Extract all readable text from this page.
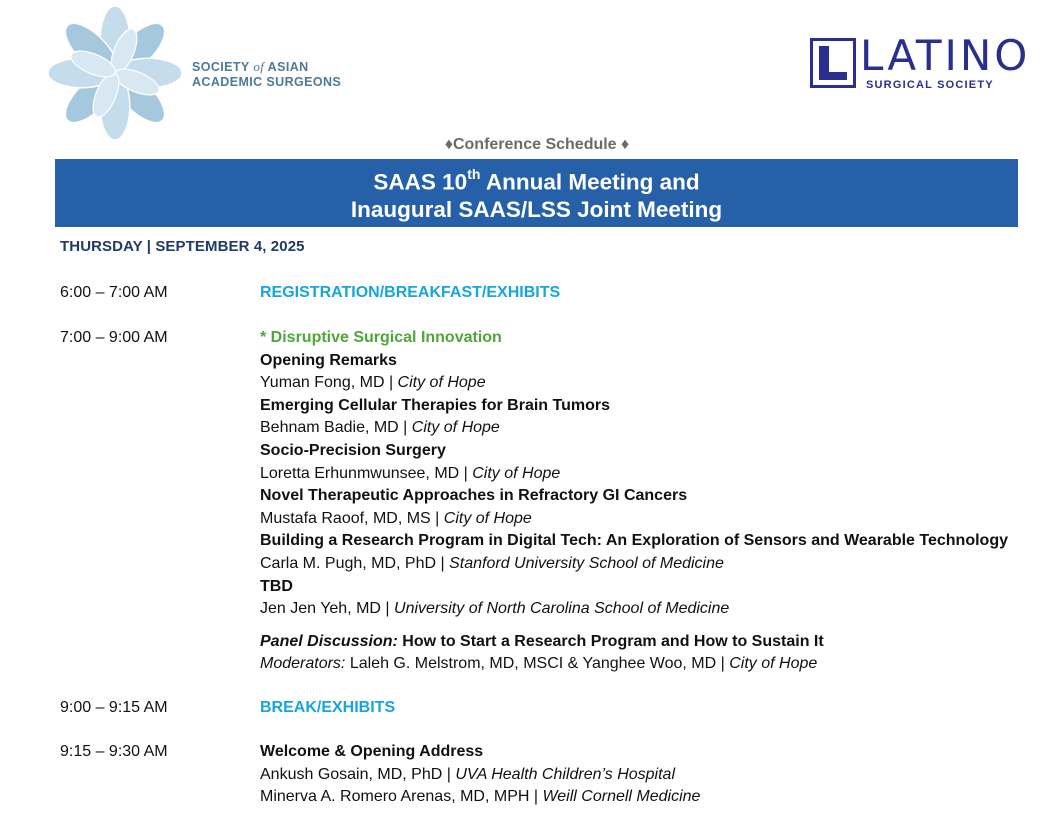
SOCIETY of ASIAN
ACADEMIC SURGEONS
LATINO
SURGICAL SOCIETY
♦Conference Schedule ♦
SAAS 10th Annual Meeting and
Inaugural SAAS/LSS Joint Meeting
THURSDAY | SEPTEMBER 4, 2025
6:00 – 7:00 AM	REGISTRATION/BREAKFAST/EXHIBITS
7:00 – 9:00 AM	* Disruptive Surgical Innovation
Opening Remarks
Yuman Fong, MD | City of Hope
Emerging Cellular Therapies for Brain Tumors
Behnam Badie, MD | City of Hope
Socio-Precision Surgery
Loretta Erhunmwunsee, MD | City of Hope
Novel Therapeutic Approaches in Refractory GI Cancers
Mustafa Raoof, MD, MS | City of Hope
Building a Research Program in Digital Tech: An Exploration of Sensors and Wearable Technology
Carla M. Pugh, MD, PhD | Stanford University School of Medicine
TBD
Jen Jen Yeh, MD | University of North Carolina School of Medicine
Panel Discussion: How to Start a Research Program and How to Sustain It
Moderators: Laleh G. Melstrom, MD, MSCI & Yanghee Woo, MD | City of Hope
9:00 – 9:15 AM	BREAK/EXHIBITS
9:15 – 9:30 AM	Welcome & Opening Address
Ankush Gosain, MD, PhD | UVA Health Children’s Hospital
Minerva A. Romero Arenas, MD, MPH | Weill Cornell Medicine
